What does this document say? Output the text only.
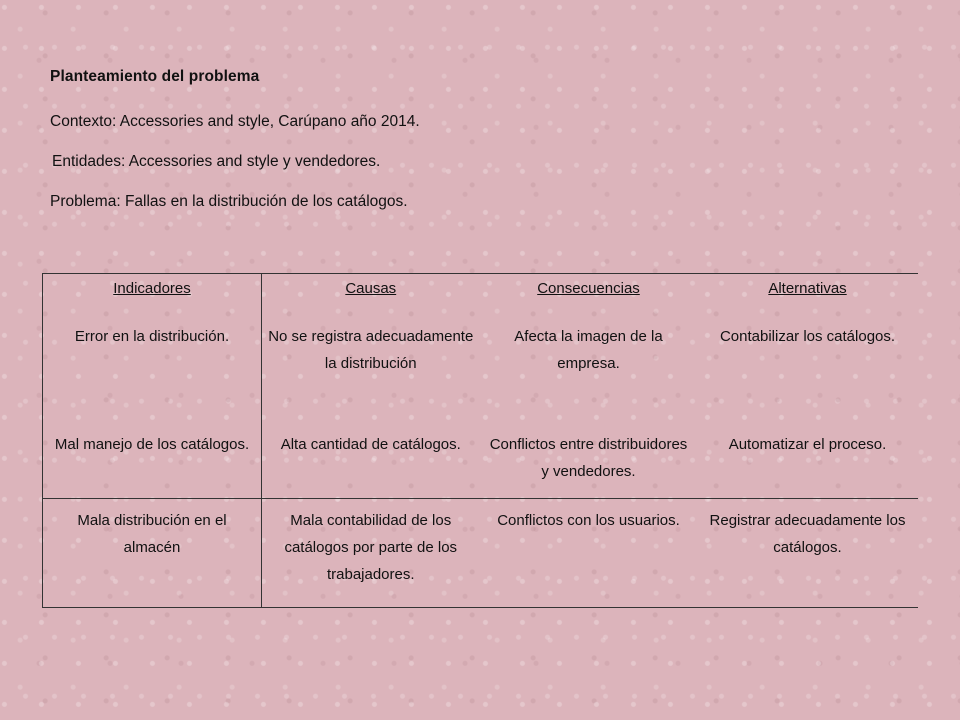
Planteamiento del problema
Contexto: Accessories and style, Carúpano año 2014.
Entidades: Accessories and style y vendedores.
Problema: Fallas en la distribución de los catálogos.
Indicadores	Causas	Consecuencias	Alternativas
Error en la distribución.	No se registra adecuadamente la distribución	Afecta la imagen de la empresa.	Contabilizar los catálogos.
Mal manejo de los catálogos.	Alta cantidad de catálogos.	Conflictos entre distribuidores y vendedores.	Automatizar el proceso.
Mala distribución en el almacén	Mala contabilidad de los catálogos por parte de los trabajadores.	Conflictos con los usuarios.	Registrar adecuadamente los catálogos.
